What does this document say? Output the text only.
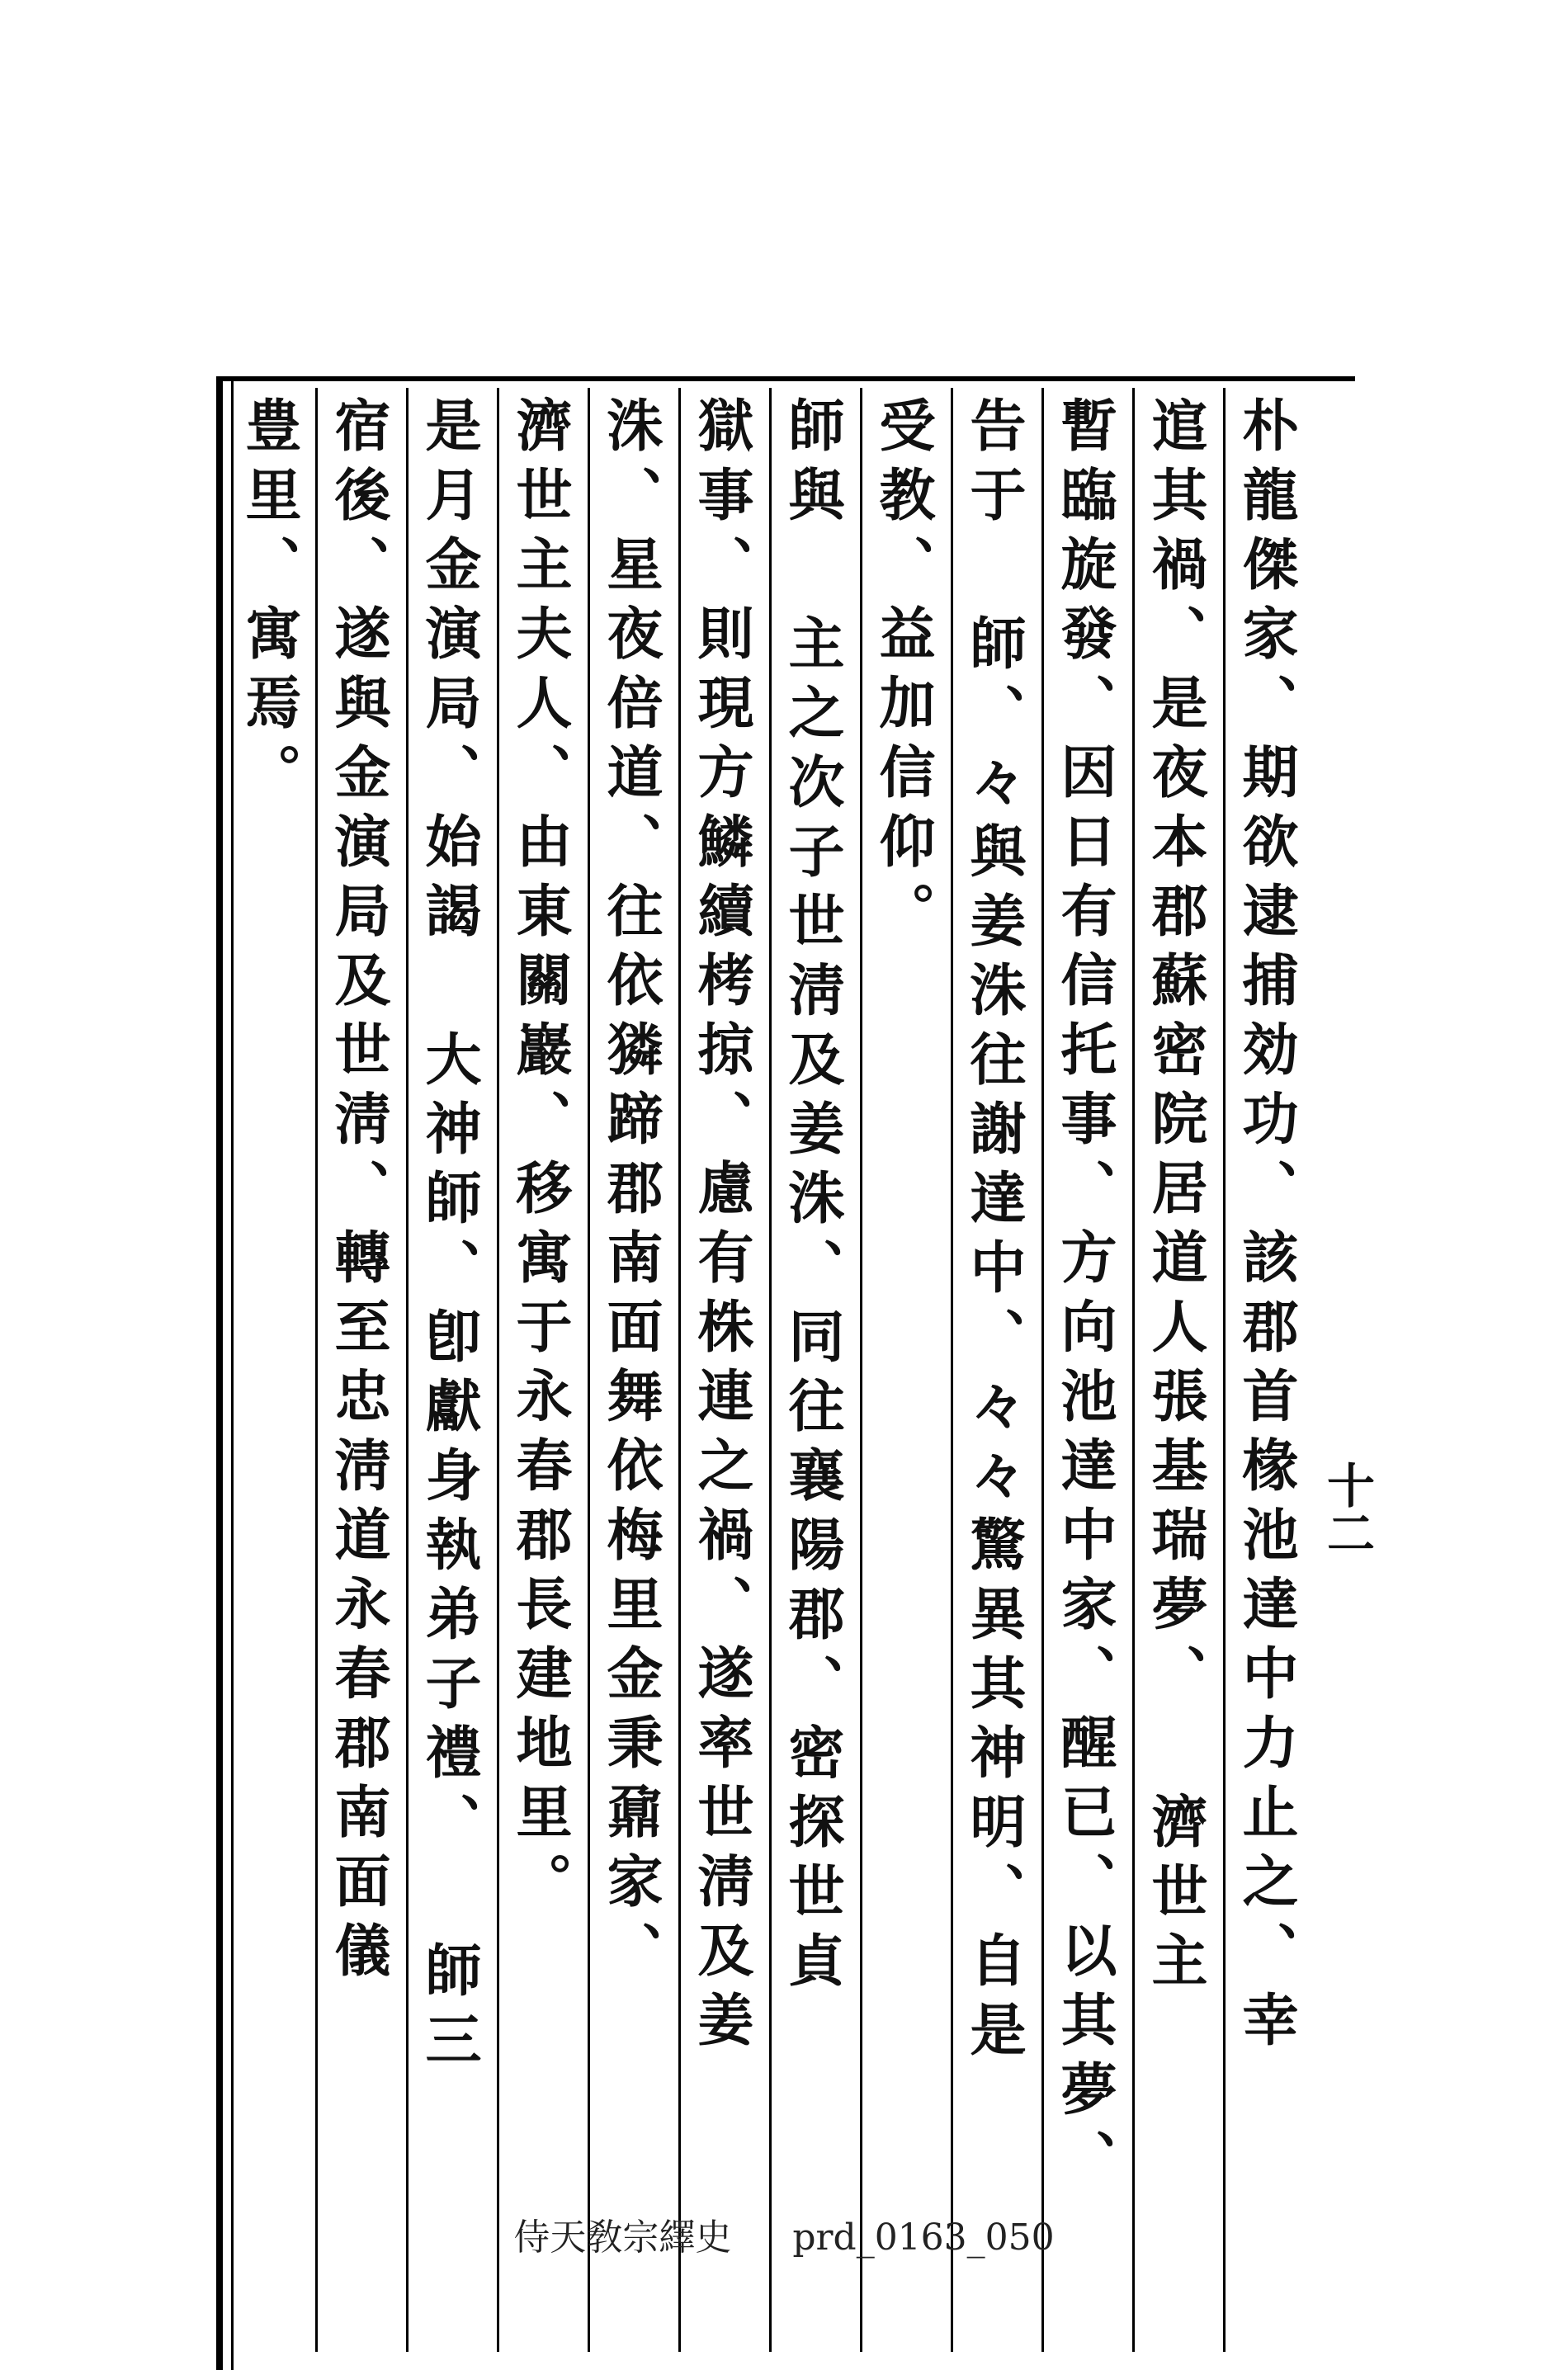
朴龍傑家、期欲逮捕効功、該郡首椽池達中力止之、幸
逭其禍、是夜本郡蘇密院居道人張基瑞夢、 濟世主
暫臨旋發、因日有信托事、方向池達中家、醒已、以其夢、
告于 師、々與姜洙往謝達中、々々驚異其神明、自是
受教、益加信仰。
師與 主之次子世淸及姜洙、同往襄陽郡、密探世貞
獄事、則現方鱗續栲掠、慮有株連之禍、遂率世淸及姜
洙、星夜倍道、往依獜蹄郡南面舞依梅里金秉鼐家、
濟世主夫人、由東關巖、移寓于永春郡長建地里。
是月金演局、始謁 大神師、卽獻身執弟子禮、 師三
宿後、遂與金演局及世淸、轉至忠淸道永春郡南面儀
豊里、寓焉。
十二
侍天敎宗繹史 prd_0163_050
